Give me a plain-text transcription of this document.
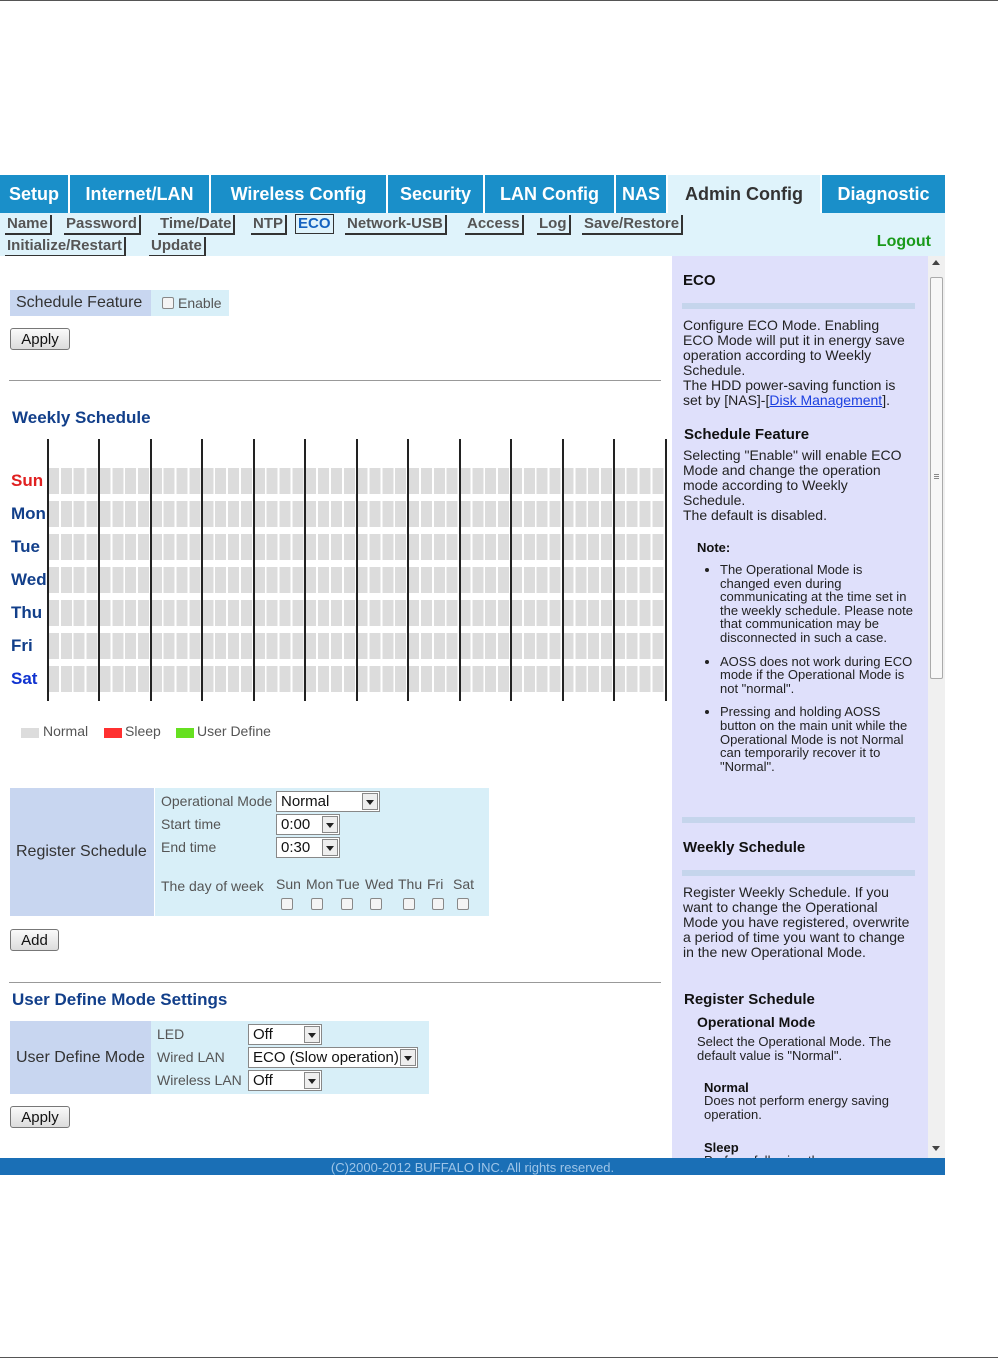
Setup	Internet/LAN	Wireless Config	Security	LAN Config	NAS	Admin Config	Diagnostic
Name Password Time/Date NTP ECO Network-USB Access Log Save/Restore
Initialize/Restart Update	Logout
Schedule Feature	Enable
Apply
Weekly Schedule
Sun
Mon
Tue
Wed
Thu
Fri
Sat
Normal	Sleep	User Define
Register Schedule
Operational Mode Normal
Start time	0:00
End time	0:30
The day of week Sun Mon Tue Wed Thu Fri Sat
Add
User Define Mode Settings
User Define Mode
LED	Off
Wired LAN	ECO (Slow operation)
Wireless LAN Off
Apply
ECO
Configure ECO Mode. Enabling ECO Mode will put it in energy save operation according to Weekly Schedule.
The HDD power-saving function is set by [NAS]-[Disk Management].
Schedule Feature
Selecting "Enable" will enable ECO Mode and change the operation mode according to Weekly Schedule.
The default is disabled.
Note:
• The Operational Mode is changed even during communicating at the time set in the weekly schedule. Please note that communication may be disconnected in such a case.
• AOSS does not work during ECO mode if the Operational Mode is not "normal".
• Pressing and holding AOSS button on the main unit while the Operational Mode is not Normal can temporarily recover it to "Normal".
Weekly Schedule
Register Weekly Schedule. If you want to change the Operational Mode you have registered, overwrite a period of time you want to change in the new Operational Mode.
Register Schedule
Operational Mode
Select the Operational Mode. The default value is "Normal".
Normal
Does not perform energy saving operation.
Sleep
(C)2000-2012 BUFFALO INC. All rights reserved.
